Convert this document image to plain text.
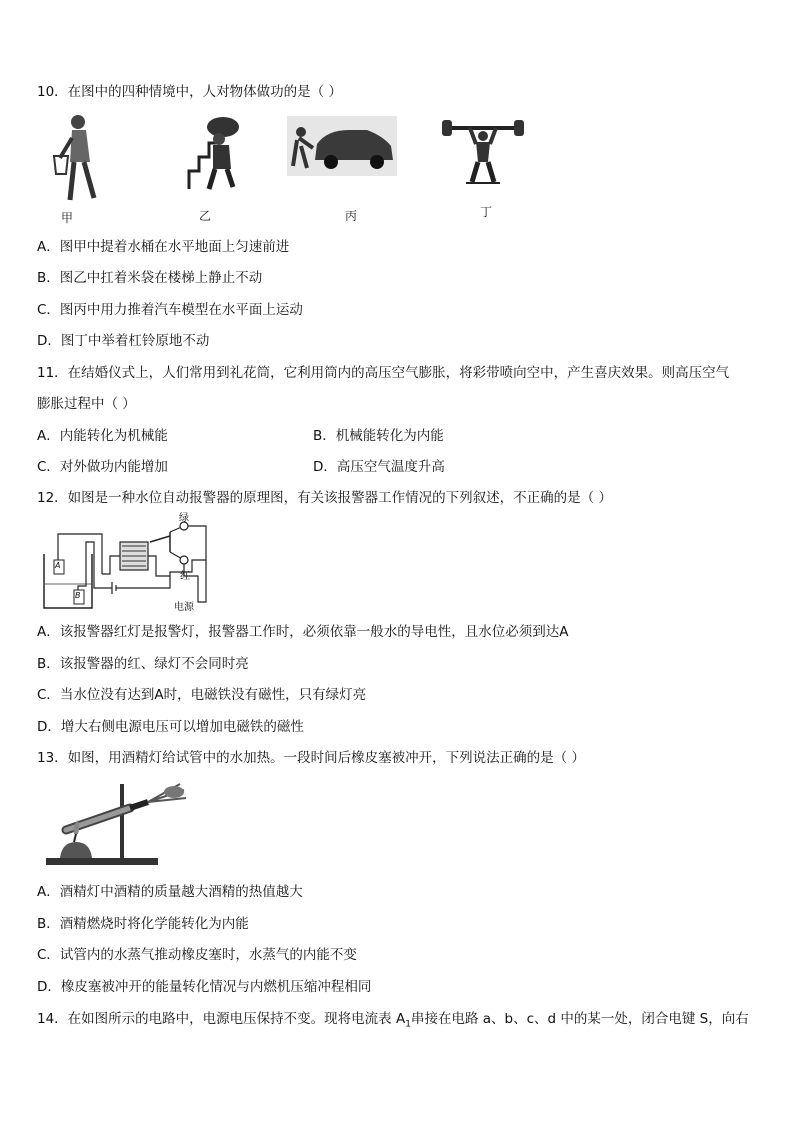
10．在图中的四种情境中，人对物体做功的是（ ）
甲	乙	丙	丁
A．图甲中提着水桶在水平地面上匀速前进
B．图乙中扛着米袋在楼梯上静止不动
C．图丙中用力推着汽车模型在水平面上运动
D．图丁中举着杠铃原地不动
11．在结婚仪式上，人们常用到礼花筒，它利用筒内的高压空气膨胀，将彩带喷向空中，产生喜庆效果。则高压空气
膨胀过程中（ ）
A．内能转化为机械能	B．机械能转化为内能
C．对外做功内能增加	D．高压空气温度升高
12．如图是一种水位自动报警器的原理图，有关该报警器工作情况的下列叙述，不正确的是（ ）
绿
红
电源
A
B
A．该报警器红灯是报警灯，报警器工作时，必须依靠一般水的导电性，且水位必须到达A
B．该报警器的红、绿灯不会同时亮
C．当水位没有达到A时，电磁铁没有磁性，只有绿灯亮
D．增大右侧电源电压可以增加电磁铁的磁性
13．如图，用酒精灯给试管中的水加热。一段时间后橡皮塞被冲开，下列说法正确的是（ ）
A．酒精灯中酒精的质量越大酒精的热值越大
B．酒精燃烧时将化学能转化为内能
C．试管内的水蒸气推动橡皮塞时，水蒸气的内能不变
D．橡皮塞被冲开的能量转化情况与内燃机压缩冲程相同
14．在如图所示的电路中，电源电压保持不变。现将电流表 $A_1$串接在电路 a、b、c、d 中的某一处，闭合电键 S，向右
